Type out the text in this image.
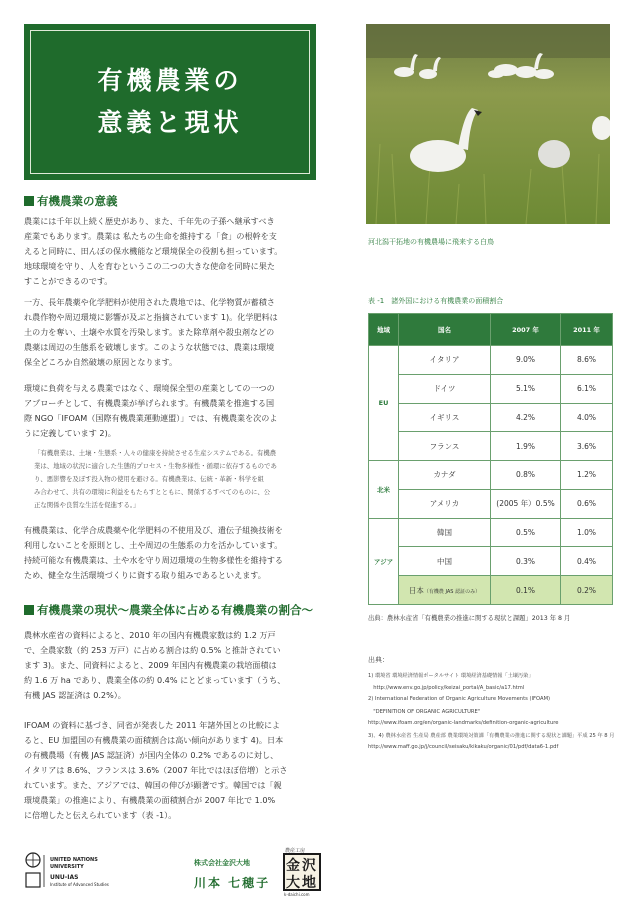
有機農業の
意義と現状
河北潟干拓地の有機農場に飛来する白鳥
有機農業の意義
農業には千年以上続く歴史があり、また、千年先の子孫へ継承すべき
産業でもあります。農業は 私たちの生命を維持する「食」の根幹を支
えると同時に、田んぼの保水機能など環境保全の役割も担っています。
地球環境を守り、人を育むというこの二つの大きな使命を同時に果た
すことができるのです。
一方、長年農薬や化学肥料が使用された農地では、化学物質が蓄積さ
れ農作物や周辺環境に影響が及ぶと指摘されています 1)。化学肥料は
土の力を奪い、土壌や水質を汚染します。また除草剤や殺虫剤などの
農薬は周辺の生態系を破壊します。このような状態では、農業は環境
保全どころか自然破壊の原因となります。
環境に負荷を与える農業ではなく、環境保全型の産業としての一つの
アプローチとして、有機農業が挙げられます。有機農業を推進する国
際 NGO「IFOAM（国際有機農業運動連盟）」では、有機農業を次のよ
うに定義しています 2)。
「有機農業は、土壌・生態系・人々の健康を持続させる生産システムである。有機農
業は、地域の状況に適合した生態的プロセス・生物多様性・循環に依存するものであ
り、悪影響を及ぼす投入物の使用を避ける。有機農業は、伝統・革新・科学を組
み合わせて、共有の環境に利益をもたらすとともに、関係するすべてのものに、公
正な関係や良質な生活を促進する。」
有機農業は、化学合成農薬や化学肥料の不使用及び、遺伝子組換技術を
利用しないことを原則とし、土や周辺の生態系の力を活かしています。
持続可能な有機農業は、土や水を守り周辺環境の生物多様性を維持する
ため、健全な生活環境づくりに資する取り組みであるといえます。
有機農業の現状〜農業全体に占める有機農業の割合〜
農林水産省の資料によると、2010 年の国内有機農家数は約 1.2 万戸
で、全農家数（約 253 万戸）に占める割合は約 0.5% と推計されてい
ます 3)。また、同資料によると、2009 年国内有機農業の栽培面積は
約 1.6 万 ha であり、農業全体の約 0.4% にとどまっています（うち、
有機 JAS 認証済は 0.2%）。
IFOAM の資料に基づき、同省が発表した 2011 年諸外国との比較によ
ると、EU 加盟国の有機農業の面積割合は高い傾向があります 4)。日本
の有機農場（有機 JAS 認証済）が国内全体の 0.2% であるのに対し、
イタリアは 8.6%、フランスは 3.6%（2007 年比ではほぼ倍増）と示さ
れています。また、アジアでは、韓国の伸びが顕著です。韓国では「親
環境農業」の推進により、有機農業の面積割合が 2007 年比で 1.0%
に倍増したと伝えられています（表 -1）。
表 -1　諸外国における有機農業の面積割合
地域	国名	2007 年	2011 年
EU	イタリア	9.0%	8.6%
	ドイツ	5.1%	6.1%
	イギリス	4.2%	4.0%
	フランス	1.9%	3.6%
北米	カナダ	0.8%	1.2%
	アメリカ	(2005 年）0.5%	0.6%
アジア	韓国	0.5%	1.0%
	中国	0.3%	0.4%
	日本（有機農 JAS 認証のみ）	0.1%	0.2%
出典：農林水産省「有機農業の推進に関する現状と課題」2013 年 8 月
出典：
1) 環境省 環境経済情報ポータルサイト 環境経済基礎情報「土壌汚染」
　http://www.env.go.jp/policy/keizai_portal/A_basic/a17.html
2) International Federation of Organic Agriculture Movements (IFOAM)
　"DEFINITION OF ORGANIC AGRICULTURE"
http://www.ifoam.org/en/organic-landmarks/definition-organic-agriculture
3)、4) 農林水産省 生産局 農産部 農業環境対策課「有機農業の推進に関する現状と課題」平成 25 年 8 月
http://www.maff.go.jp/j/council/seisaku/kikaku/organic/01/pdf/data6-1.pdf
UNITED NATIONS
UNIVERSITY
UNU-IAS
Institute of Advanced Studies
株式会社金沢大地
川本 七穂子
農産工房
金 沢
大 地
k-daichi.com
